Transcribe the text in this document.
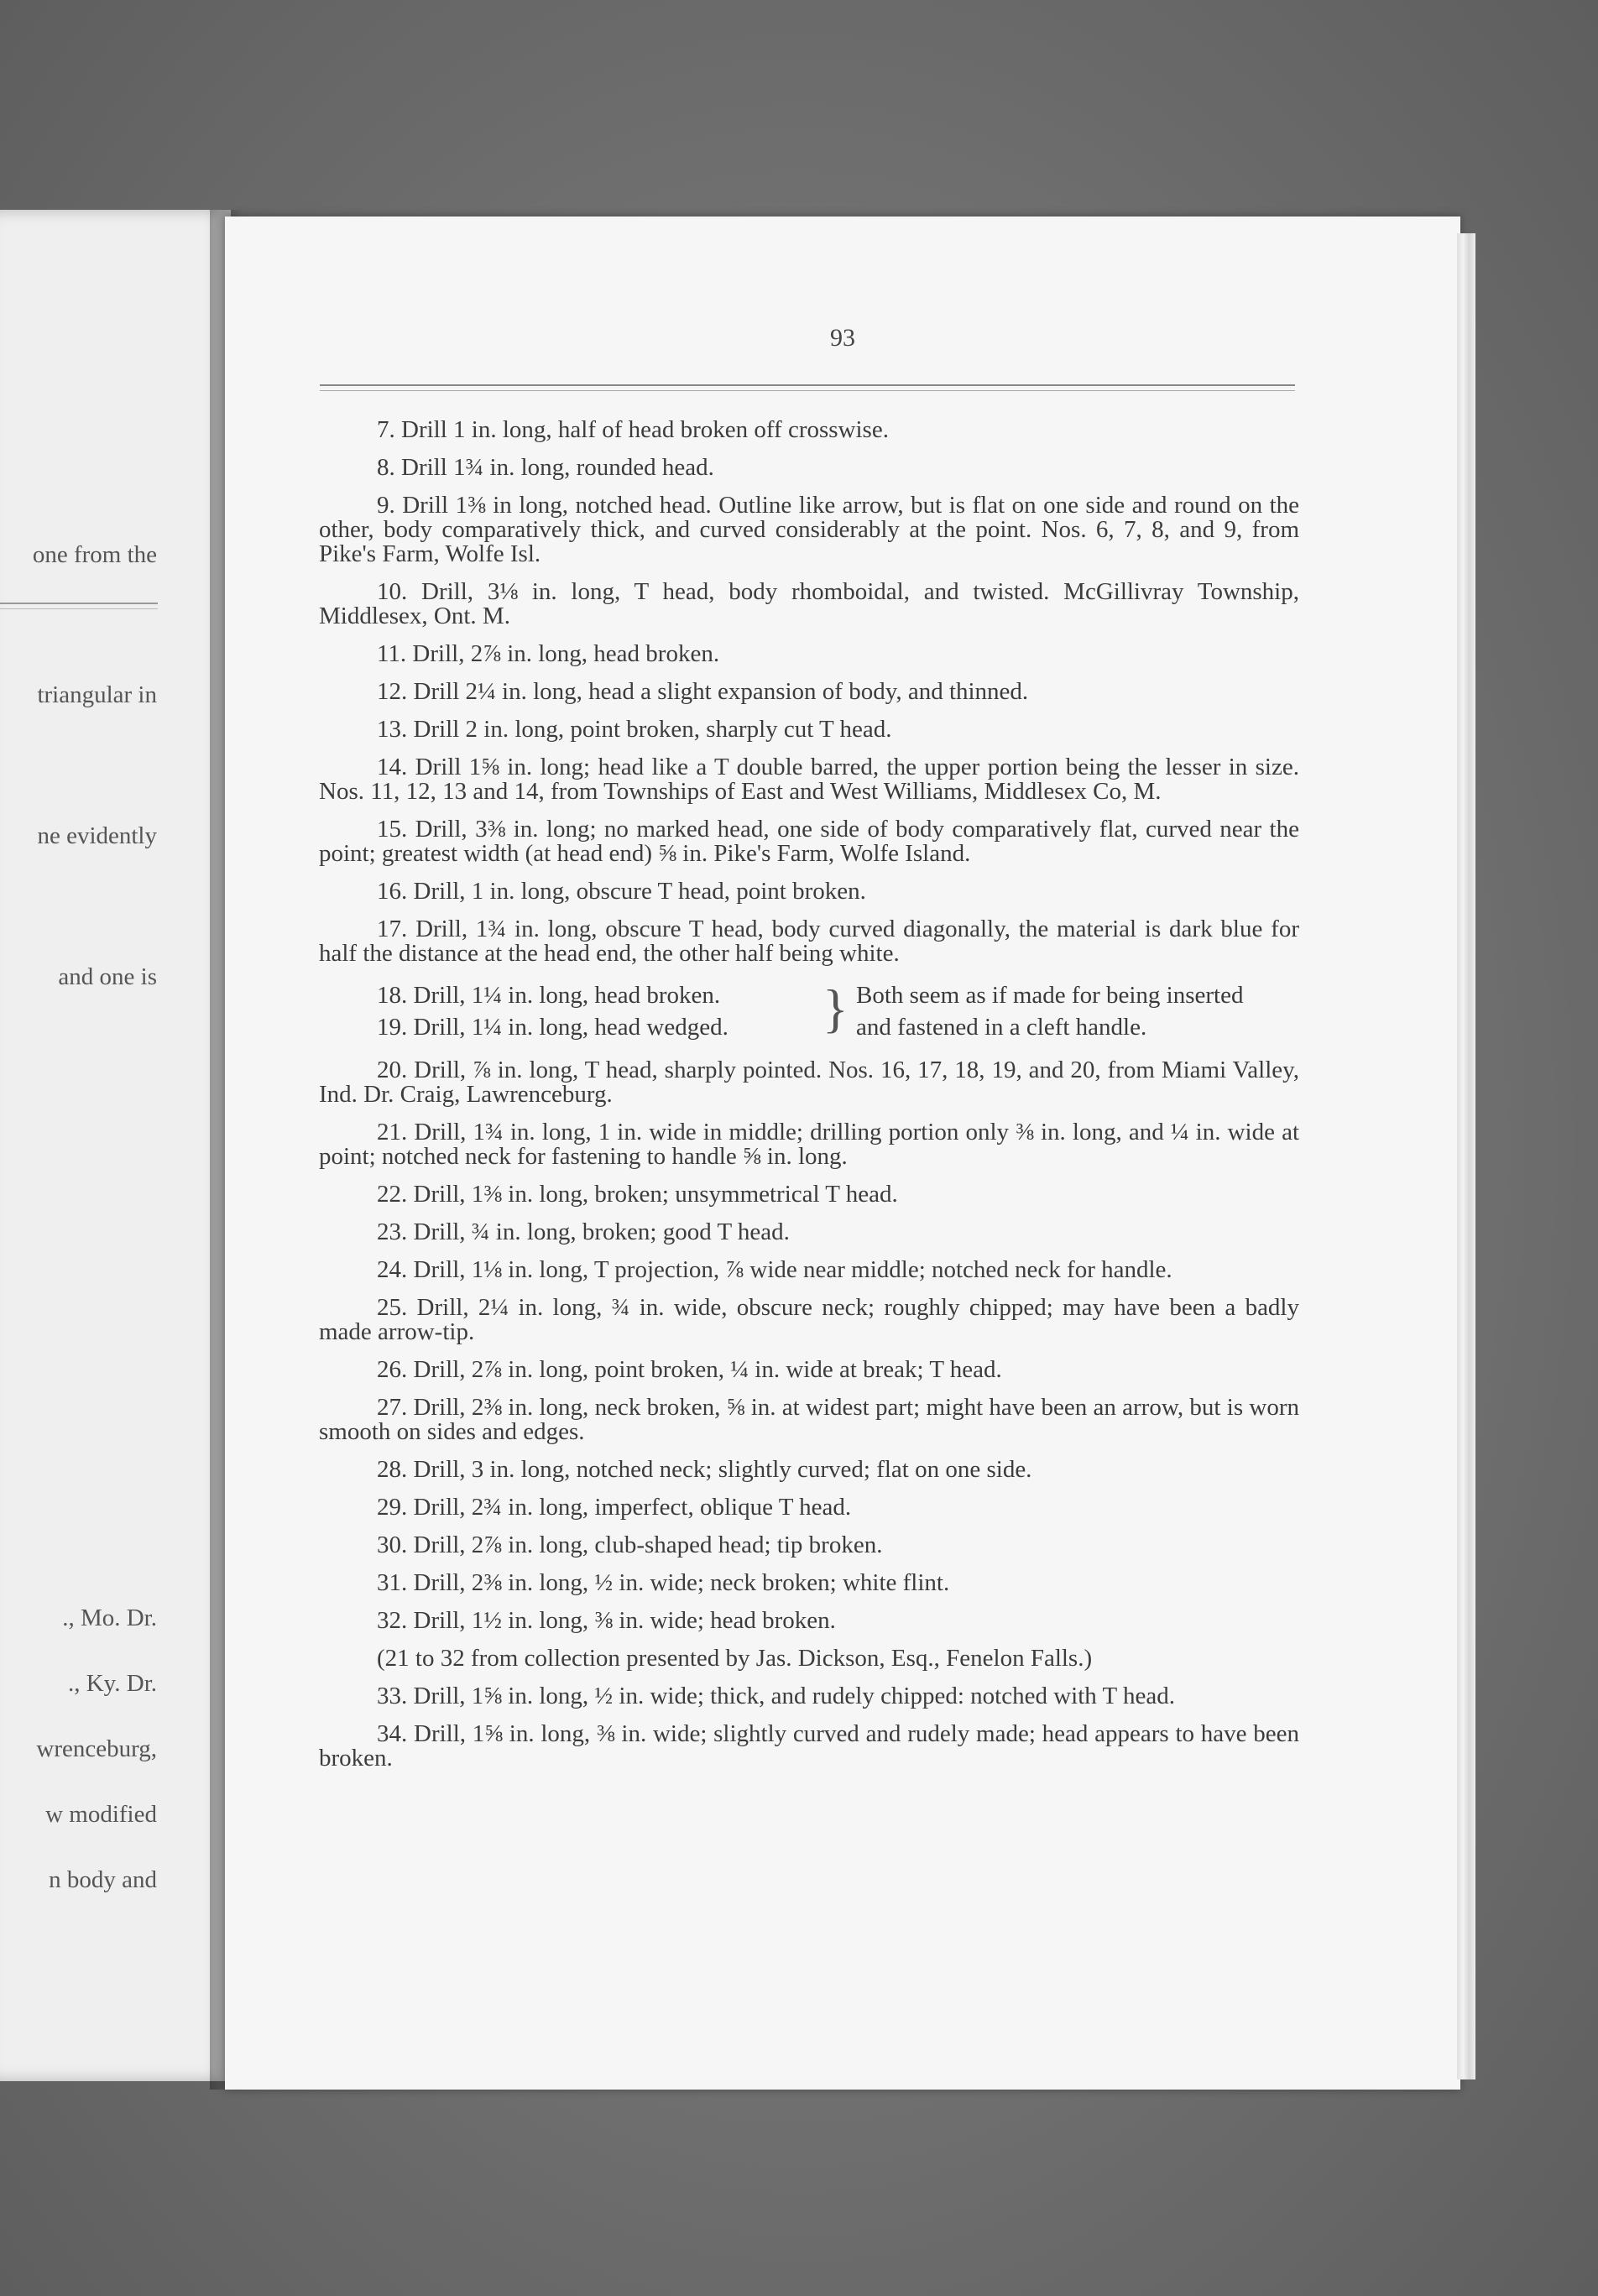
one from the
triangular in
ne evidently
and one is
., Mo. Dr.
., Ky. Dr.
wrenceburg,
w modified
n body and
93

7. Drill 1 in. long, half of head broken off crosswise.

8. Drill 1¾ in. long, rounded head.

9. Drill 1⅜ in long, notched head. Outline like arrow, but is flat on one side and round on the other, body comparatively thick, and curved considerably at the point. Nos. 6, 7, 8, and 9, from Pike's Farm, Wolfe Isl.

10. Drill, 3⅛ in. long, T head, body rhomboidal, and twisted. McGillivray Township, Middlesex, Ont. M.

11. Drill, 2⅞ in. long, head broken.

12. Drill 2¼ in. long, head a slight expansion of body, and thinned.

13. Drill 2 in. long, point broken, sharply cut T head.

14. Drill 1⅝ in. long; head like a T double barred, the upper portion being the lesser in size. Nos. 11, 12, 13 and 14, from Townships of East and West Williams, Middlesex Co, M.

15. Drill, 3⅜ in. long; no marked head, one side of body comparatively flat, curved near the point; greatest width (at head end) ⅝ in. Pike's Farm, Wolfe Island.

16. Drill, 1 in. long, obscure T head, point broken.

17. Drill, 1¾ in. long, obscure T head, body curved diagonally, the material is dark blue for half the distance at the head end, the other half being white.

18. Drill, 1¼ in. long, head broken.
19. Drill, 1¼ in. long, head wedged. } Both seem as if made for being inserted
and fastened in a cleft handle.

20. Drill, ⅞ in. long, T head, sharply pointed. Nos. 16, 17, 18, 19, and 20, from Miami Valley, Ind. Dr. Craig, Lawrenceburg.

21. Drill, 1¾ in. long, 1 in. wide in middle; drilling portion only ⅜ in. long, and ¼ in. wide at point; notched neck for fastening to handle ⅝ in. long.

22. Drill, 1⅜ in. long, broken; unsymmetrical T head.

23. Drill, ¾ in. long, broken; good T head.

24. Drill, 1⅛ in. long, T projection, ⅞ wide near middle; notched neck for handle.

25. Drill, 2¼ in. long, ¾ in. wide, obscure neck; roughly chipped; may have been a badly made arrow-tip.

26. Drill, 2⅞ in. long, point broken, ¼ in. wide at break; T head.

27. Drill, 2⅜ in. long, neck broken, ⅝ in. at widest part; might have been an arrow, but is worn smooth on sides and edges.

28. Drill, 3 in. long, notched neck; slightly curved; flat on one side.

29. Drill, 2¾ in. long, imperfect, oblique T head.

30. Drill, 2⅞ in. long, club-shaped head; tip broken.

31. Drill, 2⅜ in. long, ½ in. wide; neck broken; white flint.

32. Drill, 1½ in. long, ⅜ in. wide; head broken.

(21 to 32 from collection presented by Jas. Dickson, Esq., Fenelon Falls.)

33. Drill, 1⅝ in. long, ½ in. wide; thick, and rudely chipped: notched with T head.

34. Drill, 1⅝ in. long, ⅜ in. wide; slightly curved and rudely made; head appears to have been broken.
